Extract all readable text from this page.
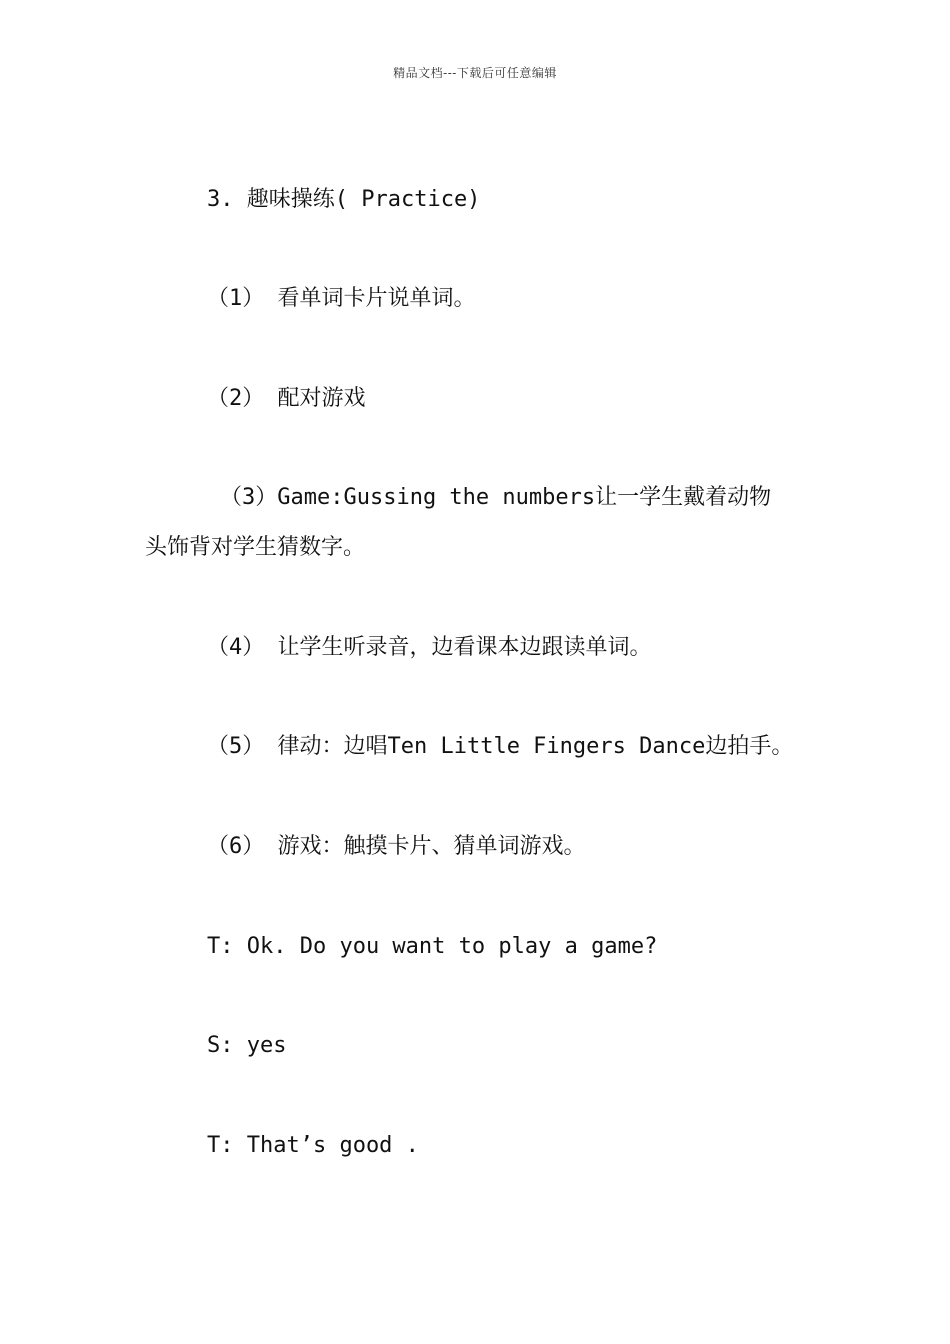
精品文档---下载后可任意编辑
3. 趣味操练( Practice)
（1） 看单词卡片说单词。
（2） 配对游戏
（3）Game:Gussing the numbers让一学生戴着动物
头饰背对学生猜数字。
（4） 让学生听录音，边看课本边跟读单词。
（5） 律动：边唱Ten Little Fingers Dance边拍手。
（6） 游戏：触摸卡片、猜单词游戏。
T: Ok. Do you want to play a game?
S: yes
T: That’s good .
